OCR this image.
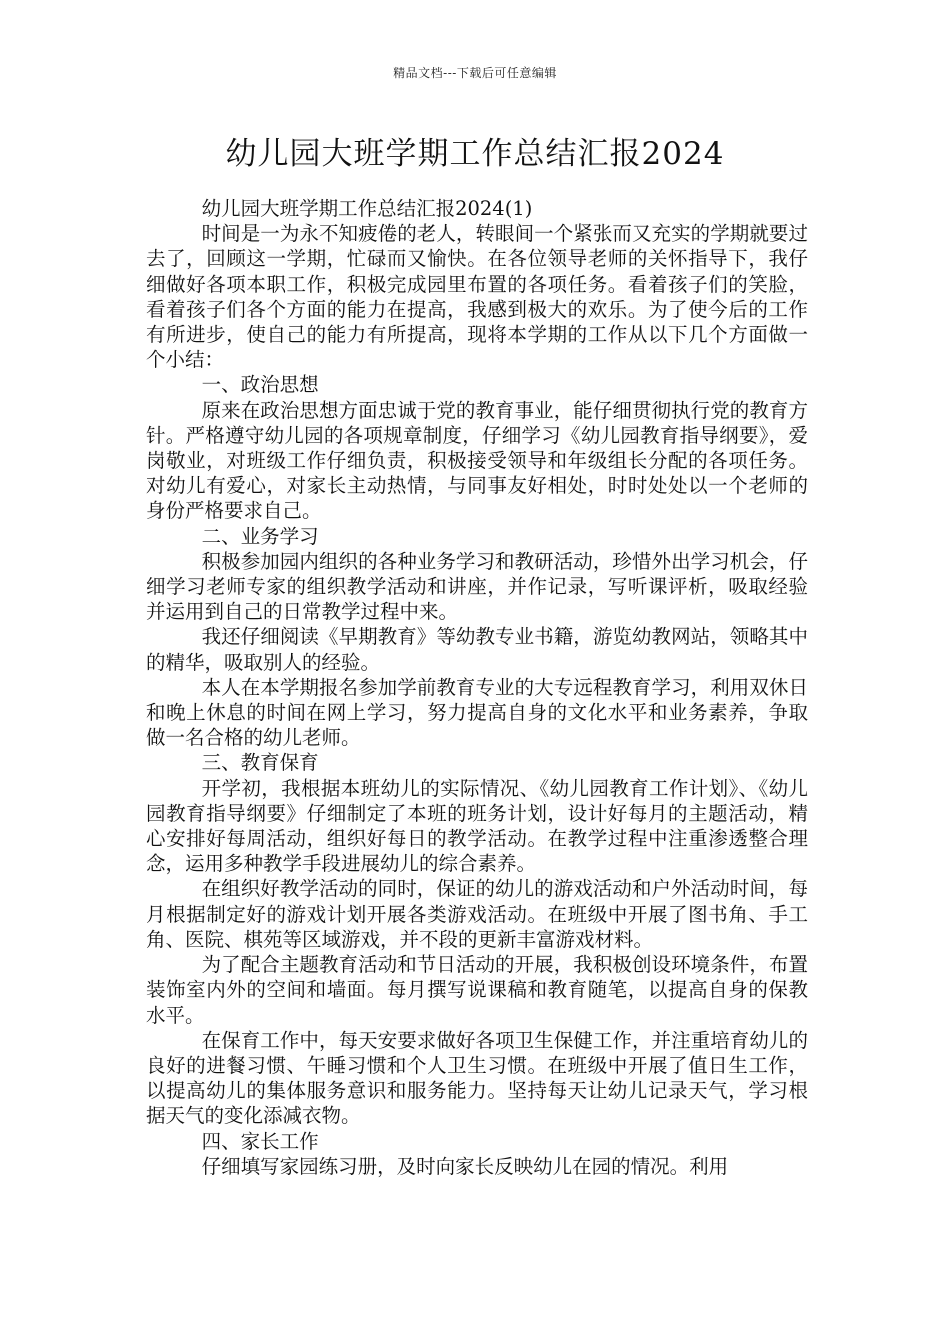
精品文档---下载后可任意编辑
幼儿园大班学期工作总结汇报2024

幼儿园大班学期工作总结汇报2024(1)

时间是一为永不知疲倦的老人，转眼间一个紧张而又充实的学期就要过去了，回顾这一学期，忙碌而又愉快。在各位领导老师的关怀指导下，我仔细做好各项本职工作，积极完成园里布置的各项任务。看着孩子们的笑脸，看着孩子们各个方面的能力在提高，我感到极大的欢乐。为了使今后的工作有所进步，使自己的能力有所提高，现将本学期的工作从以下几个方面做一个小结：

一、政治思想

原来在政治思想方面忠诚于党的教育事业，能仔细贯彻执行党的教育方针。严格遵守幼儿园的各项规章制度，仔细学习《幼儿园教育指导纲要》，爱岗敬业，对班级工作仔细负责，积极接受领导和年级组长分配的各项任务。对幼儿有爱心，对家长主动热情，与同事友好相处，时时处处以一个老师的身份严格要求自己。

二、业务学习

积极参加园内组织的各种业务学习和教研活动，珍惜外出学习机会，仔细学习老师专家的组织教学活动和讲座，并作记录，写听课评析，吸取经验并运用到自己的日常教学过程中来。

我还仔细阅读《早期教育》等幼教专业书籍，游览幼教网站，领略其中的精华，吸取别人的经验。

本人在本学期报名参加学前教育专业的大专远程教育学习，利用双休日和晚上休息的时间在网上学习，努力提高自身的文化水平和业务素养，争取做一名合格的幼儿老师。

三、教育保育

开学初，我根据本班幼儿的实际情况、《幼儿园教育工作计划》、《幼儿园教育指导纲要》仔细制定了本班的班务计划，设计好每月的主题活动，精心安排好每周活动，组织好每日的教学活动。在教学过程中注重渗透整合理念，运用多种教学手段进展幼儿的综合素养。

在组织好教学活动的同时，保证的幼儿的游戏活动和户外活动时间，每月根据制定好的游戏计划开展各类游戏活动。在班级中开展了图书角、手工角、医院、棋苑等区域游戏，并不段的更新丰富游戏材料。

为了配合主题教育活动和节日活动的开展，我积极创设环境条件，布置装饰室内外的空间和墙面。每月撰写说课稿和教育随笔，以提高自身的保教水平。

在保育工作中，每天安要求做好各项卫生保健工作，并注重培育幼儿的良好的进餐习惯、午睡习惯和个人卫生习惯。在班级中开展了值日生工作，以提高幼儿的集体服务意识和服务能力。坚持每天让幼儿记录天气，学习根据天气的变化添减衣物。

四、家长工作

仔细填写家园练习册，及时向家长反映幼儿在园的情况。利用
